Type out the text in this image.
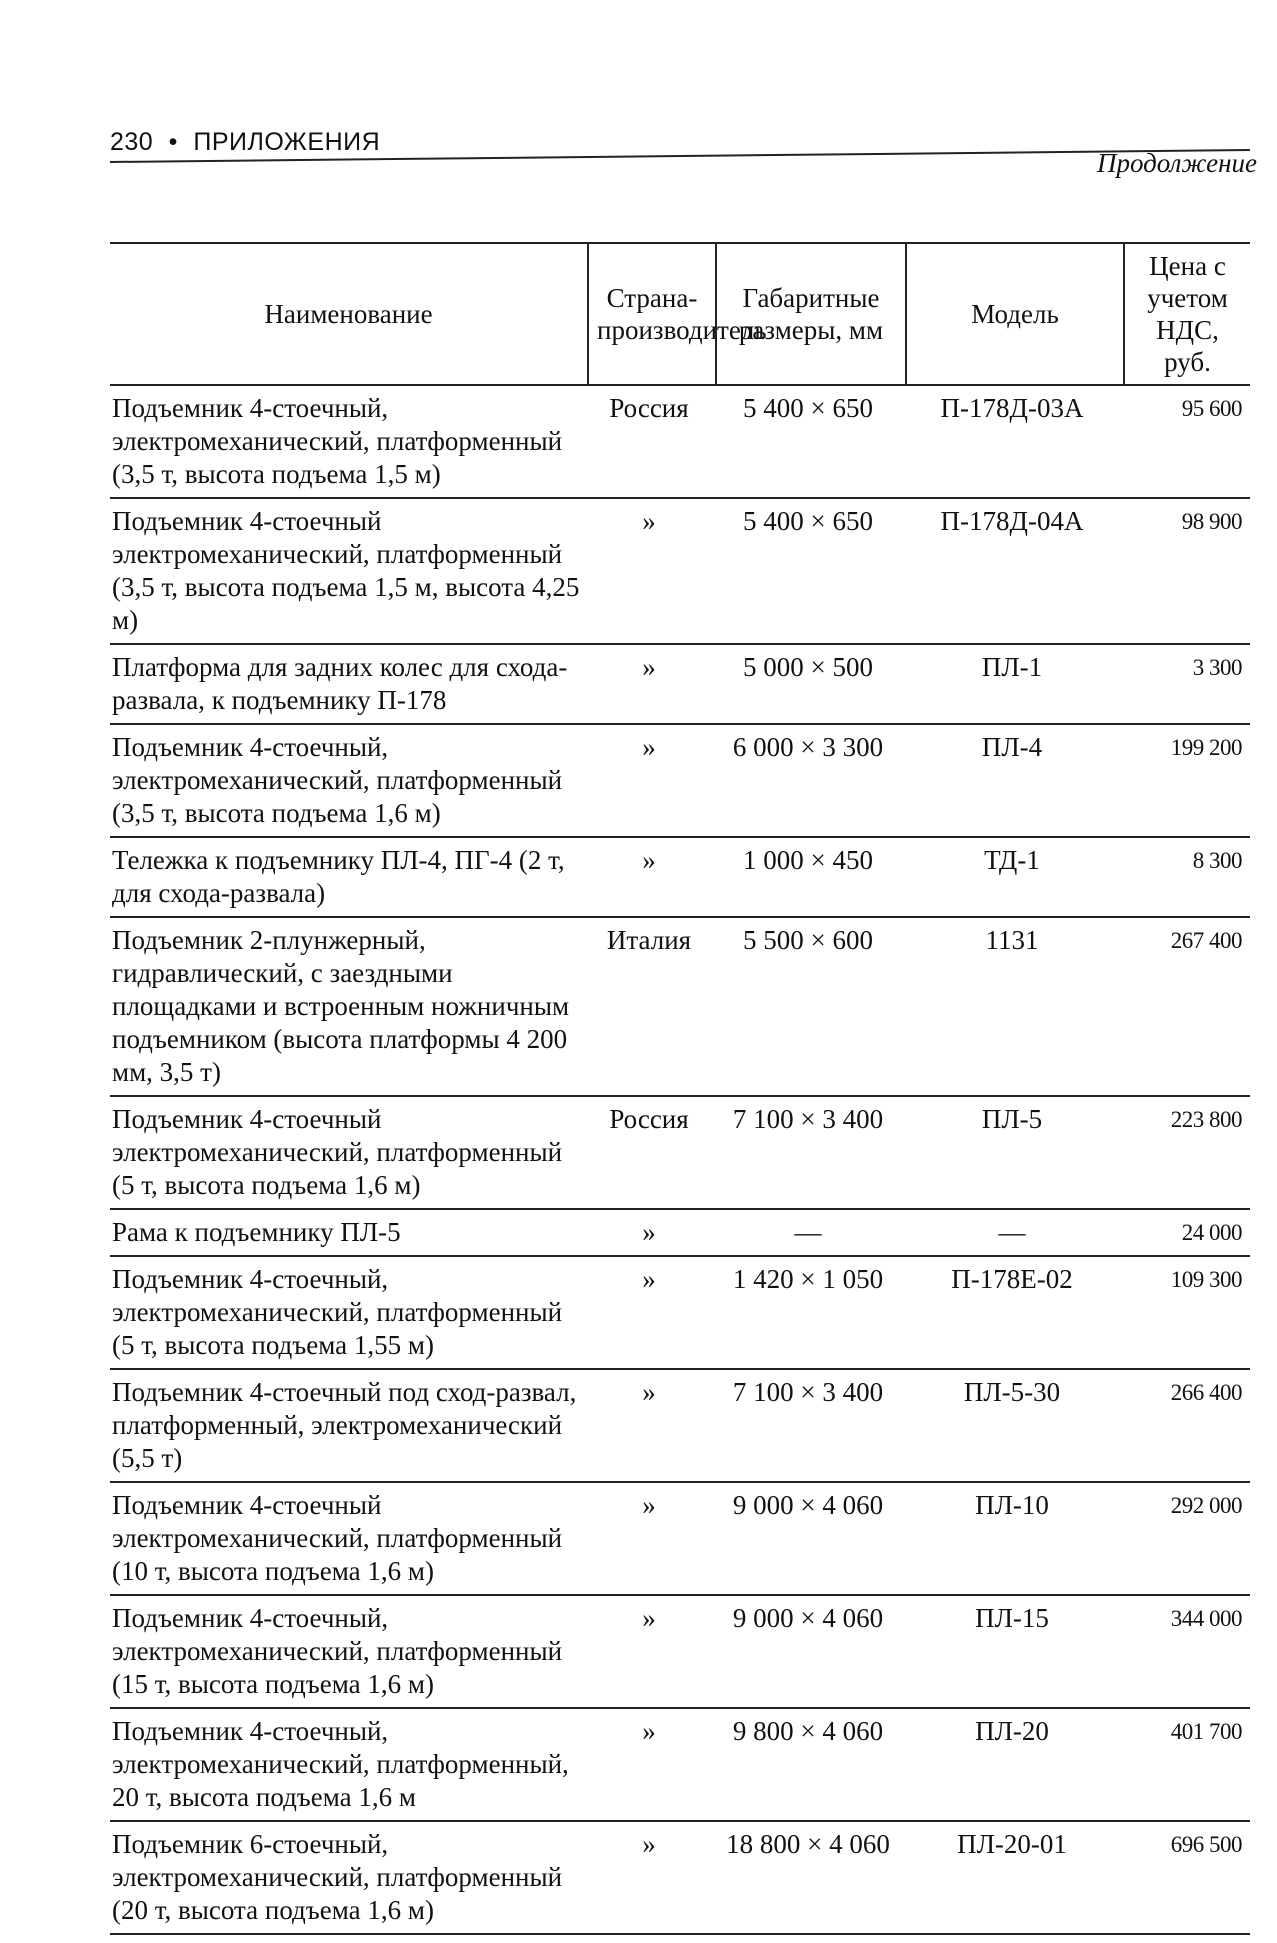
230 • ПРИЛОЖЕНИЯ
Продолжение
Наименование	Страна-производитель	Габаритные размеры, мм	Модель	Цена с учетом НДС, руб.
Подъемник 4-стоечный, электромеханический, платформенный (3,5 т, высота подъема 1,5 м)	Россия	5 400 × 650	П-178Д-03А	95 600
Подъемник 4-стоечный электромеханический, платформенный (3,5 т, высота подъема 1,5 м, высота 4,25 м)	»	5 400 × 650	П-178Д-04А	98 900
Платформа для задних колес для схода-развала, к подъемнику П-178	»	5 000 × 500	ПЛ-1	3 300
Подъемник 4-стоечный, электромеханический, платформенный (3,5 т, высота подъема 1,6 м)	»	6 000 × 3 300	ПЛ-4	199 200
Тележка к подъемнику ПЛ-4, ПГ-4 (2 т, для схода-развала)	»	1 000 × 450	ТД-1	8 300
Подъемник 2-плунжерный, гидравлический, с заездными площадками и встроенным ножничным подъемником (высота платформы 4 200 мм, 3,5 т)	Италия	5 500 × 600	1131	267 400
Подъемник 4-стоечный электромеханический, платформенный (5 т, высота подъема 1,6 м)	Россия	7 100 × 3 400	ПЛ-5	223 800
Рама к подъемнику ПЛ-5	»	—	—	24 000
Подъемник 4-стоечный, электромеханический, платформенный (5 т, высота подъема 1,55 м)	»	1 420 × 1 050	П-178Е-02	109 300
Подъемник 4-стоечный под сход-развал, платформенный, электромеханический (5,5 т)	»	7 100 × 3 400	ПЛ-5-30	266 400
Подъемник 4-стоечный электромеханический, платформенный (10 т, высота подъема 1,6 м)	»	9 000 × 4 060	ПЛ-10	292 000
Подъемник 4-стоечный, электромеханический, платформенный (15 т, высота подъема 1,6 м)	»	9 000 × 4 060	ПЛ-15	344 000
Подъемник 4-стоечный, электромеханический, платформенный, 20 т, высота подъема 1,6 м	»	9 800 × 4 060	ПЛ-20	401 700
Подъемник 6-стоечный, электромеханический, платформенный (20 т, высота подъема 1,6 м)	»	18 800 × 4 060	ПЛ-20-01	696 500
